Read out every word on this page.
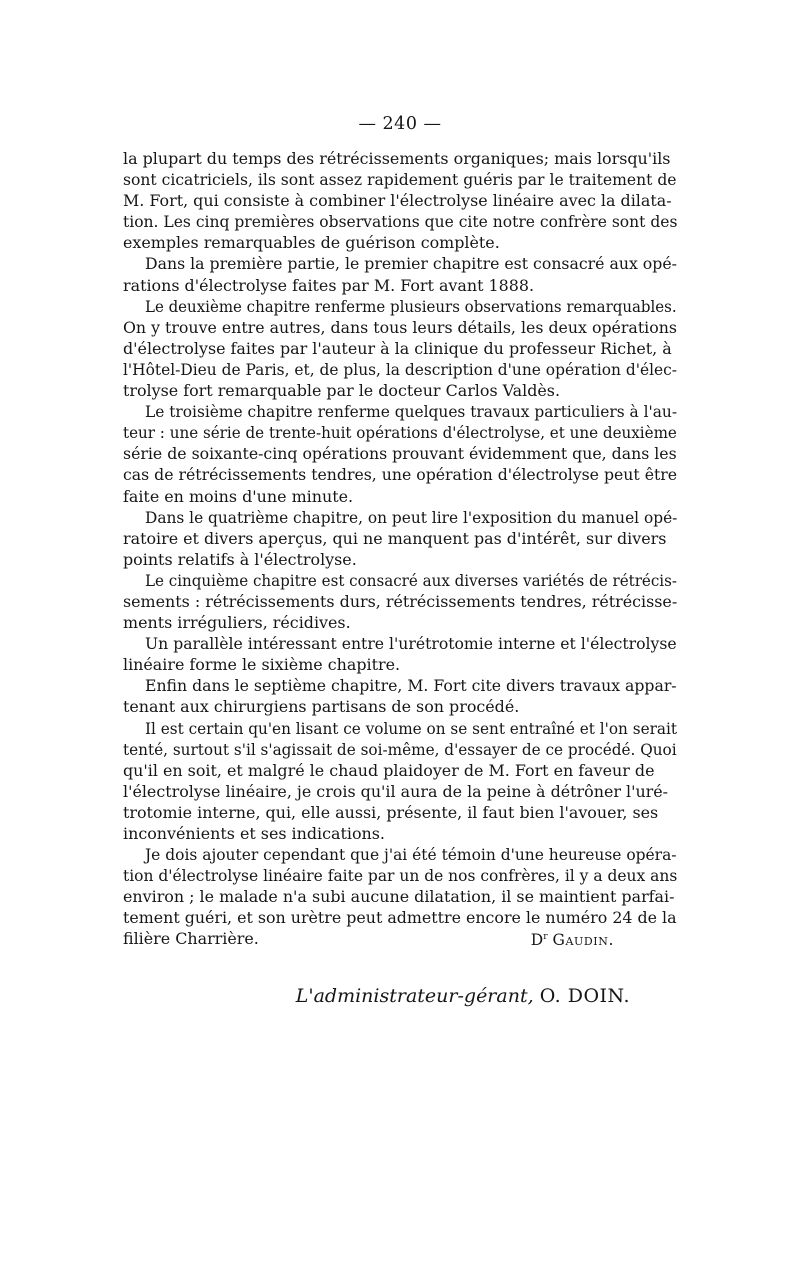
— 240 —
la plupart du temps des rétrécissements organiques; mais lorsqu'ils
sont cicatriciels, ils sont assez rapidement guéris par le traitement de
M. Fort, qui consiste à combiner l'électrolyse linéaire avec la dilata-
tion. Les cinq premières observations que cite notre confrère sont des
exemples remarquables de guérison complète.
Dans la première partie, le premier chapitre est consacré aux opé-
rations d'électrolyse faites par M. Fort avant 1888.
Le deuxième chapitre renferme plusieurs observations remarquables.
On y trouve entre autres, dans tous leurs détails, les deux opérations
d'électrolyse faites par l'auteur à la clinique du professeur Richet, à
l'Hôtel-Dieu de Paris, et, de plus, la description d'une opération d'élec-
trolyse fort remarquable par le docteur Carlos Valdès.
Le troisième chapitre renferme quelques travaux particuliers à l'au-
teur : une série de trente-huit opérations d'électrolyse, et une deuxième
série de soixante-cinq opérations prouvant évidemment que, dans les
cas de rétrécissements tendres, une opération d'électrolyse peut être
faite en moins d'une minute.
Dans le quatrième chapitre, on peut lire l'exposition du manuel opé-
ratoire et divers aperçus, qui ne manquent pas d'intérêt, sur divers
points relatifs à l'électrolyse.
Le cinquième chapitre est consacré aux diverses variétés de rétrécis-
sements : rétrécissements durs, rétrécissements tendres, rétrécisse-
ments irréguliers, récidives.
Un parallèle intéressant entre l'urétrotomie interne et l'électrolyse
linéaire forme le sixième chapitre.
Enfin dans le septième chapitre, M. Fort cite divers travaux appar-
tenant aux chirurgiens partisans de son procédé.
Il est certain qu'en lisant ce volume on se sent entraîné et l'on serait
tenté, surtout s'il s'agissait de soi-même, d'essayer de ce procédé. Quoi
qu'il en soit, et malgré le chaud plaidoyer de M. Fort en faveur de
l'électrolyse linéaire, je crois qu'il aura de la peine à détrôner l'uré-
trotomie interne, qui, elle aussi, présente, il faut bien l'avouer, ses
inconvénients et ses indications.
Je dois ajouter cependant que j'ai été témoin d'une heureuse opéra-
tion d'électrolyse linéaire faite par un de nos confrères, il y a deux ans
environ ; le malade n'a subi aucune dilatation, il se maintient parfai-
tement guéri, et son urètre peut admettre encore le numéro 24 de la
filière Charrière.	$D^r$ Gaudin.
L'administrateur-gérant, O. DOIN.
